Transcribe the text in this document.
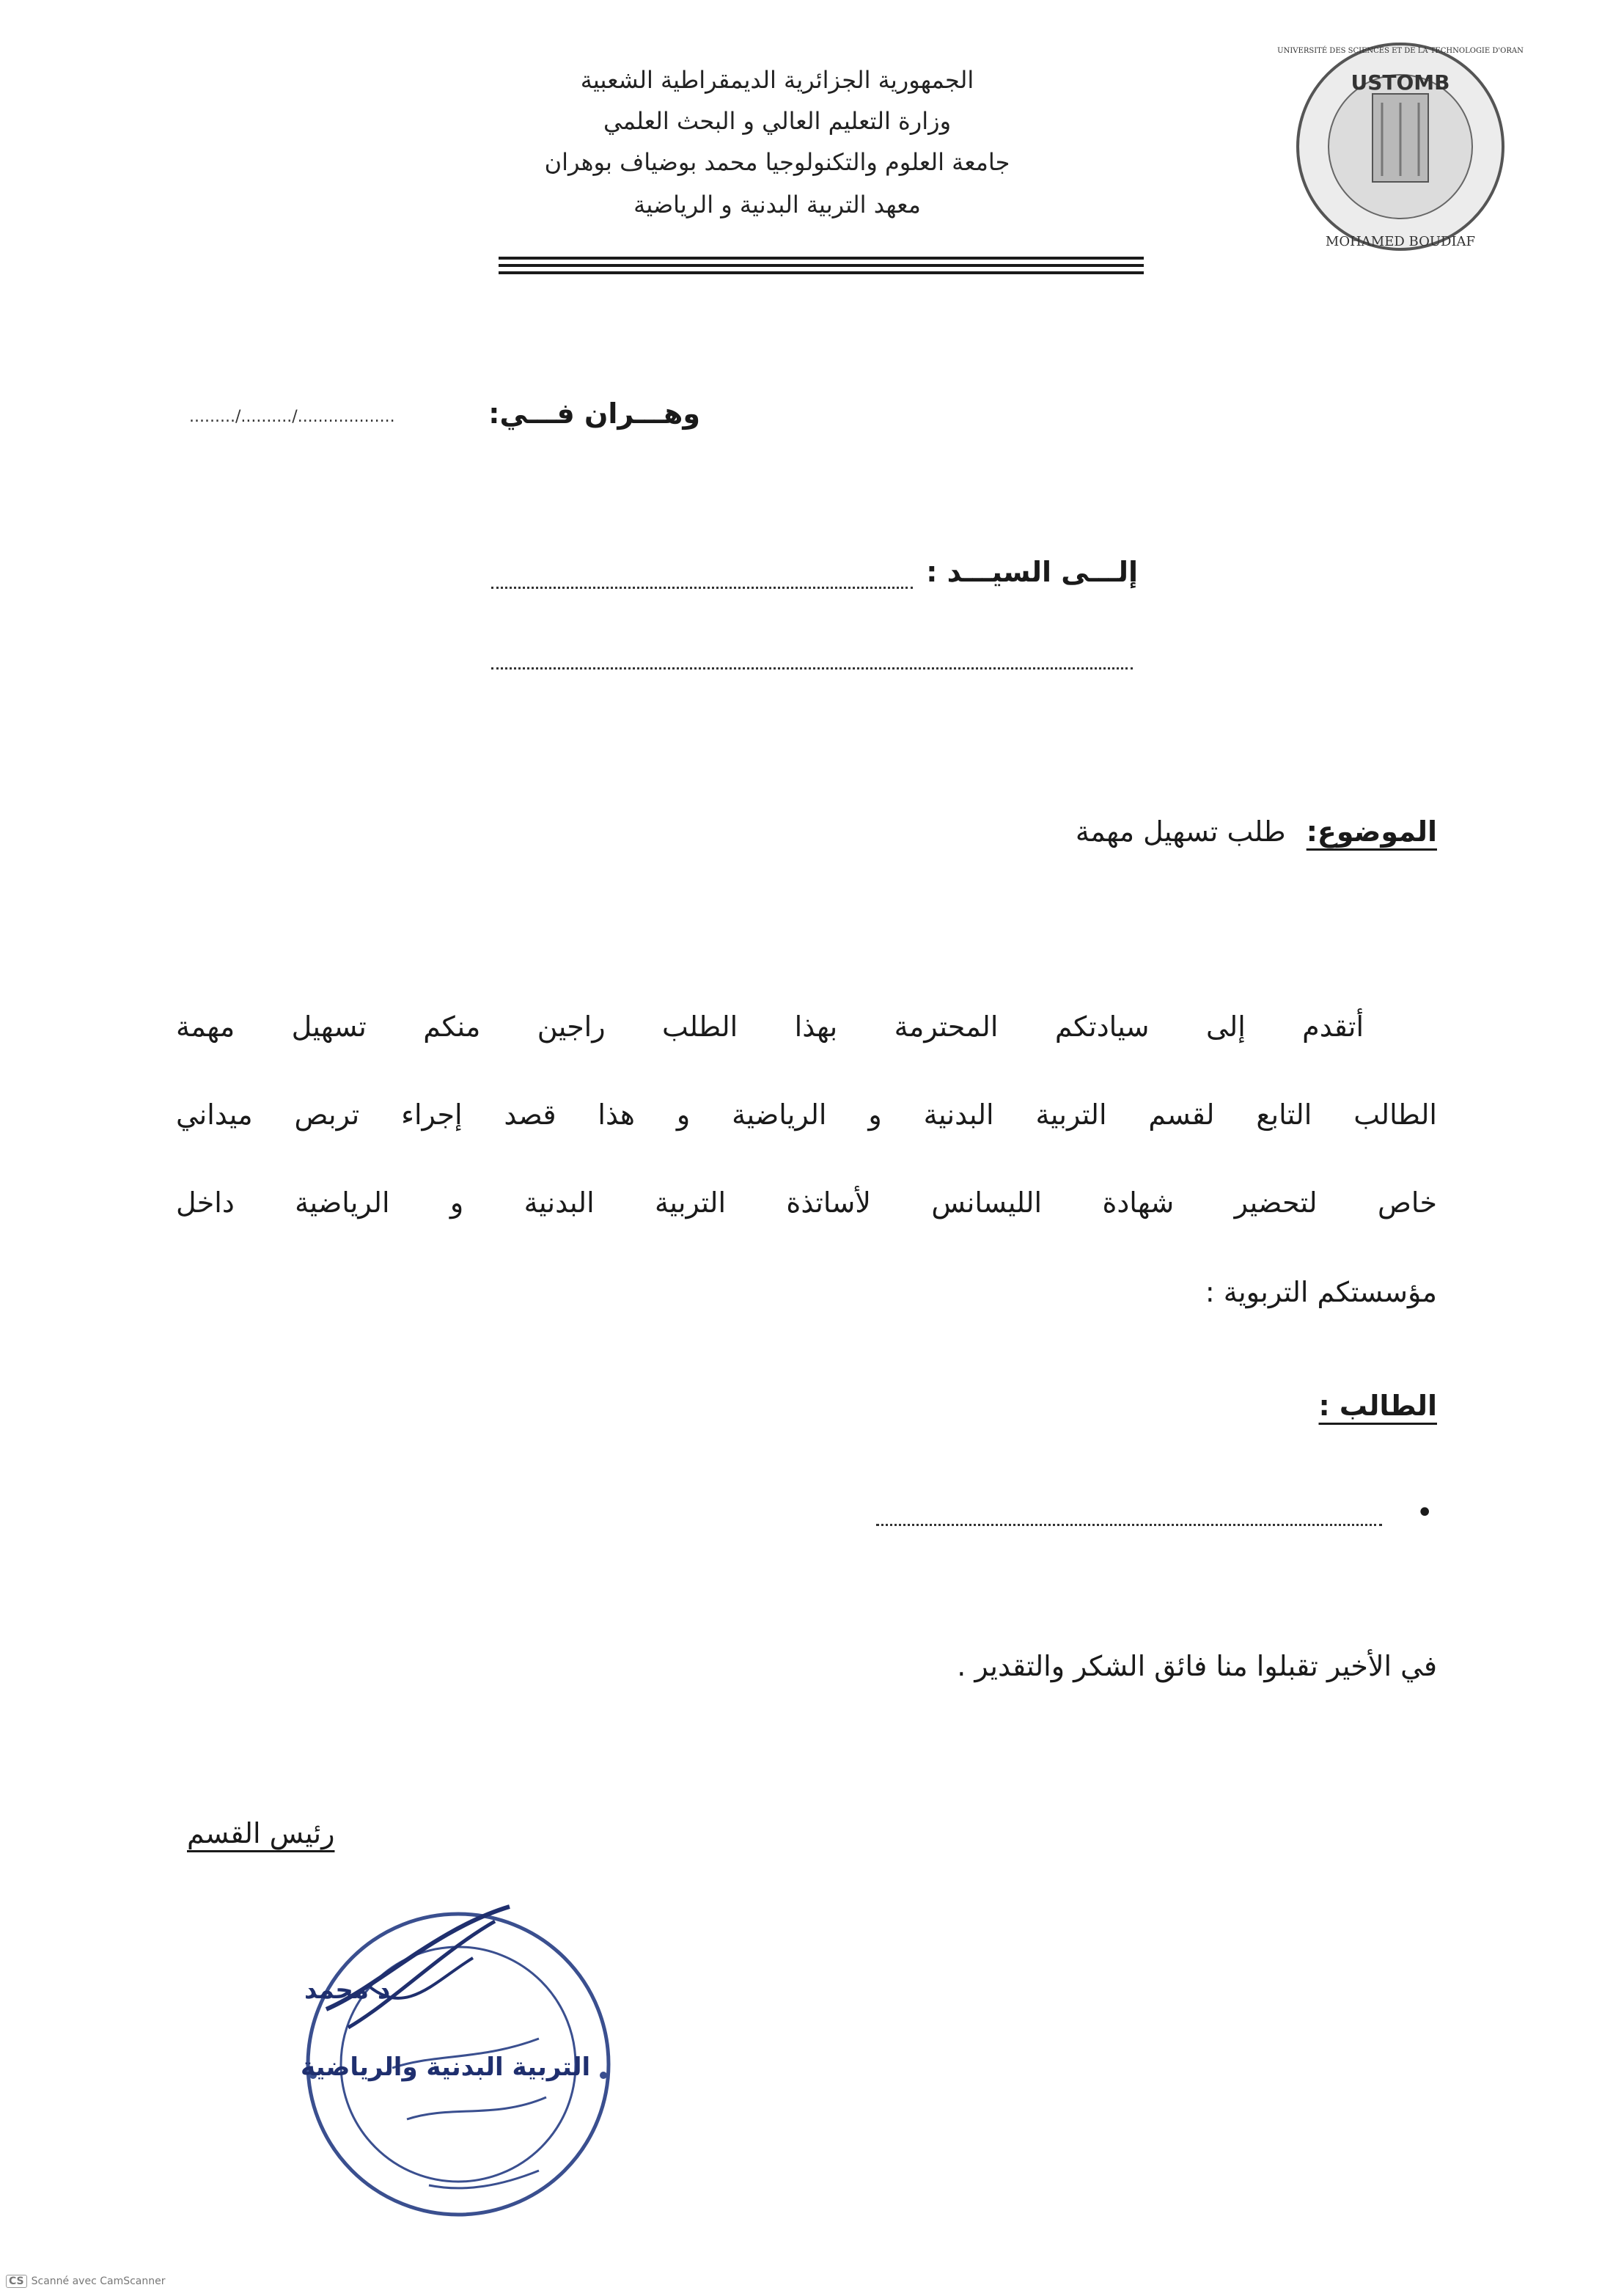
الجمهورية الجزائرية الديمقراطية الشعبية
وزارة التعليم العالي و البحث العلمي
جامعة العلوم والتكنولوجيا محمد بوضياف بوهران
معهد التربية البدنية و الرياضية
USTOMB
MOHAMED BOUDIAF
UNIVERSITÉ DES SCIENCES ET DE LA TECHNOLOGIE D'ORAN
وهـــران فـــي:
........./........../...................
إلـــى السيـــد :
الموضوع: طلب تسهيل مهمة
أتقدم إلى سيادتكم المحترمة بهذا الطلب راجين منكم تسهيل مهمة
الطالب التابع لقسم التربية البدنية و الرياضية و هذا قصد إجراء تربص ميداني
خاص لتحضير شهادة الليسانس لأساتذة التربية البدنية و الرياضية داخل
مؤسستكم التربوية :
الطالب :
•
في الأخير تقبلوا منا فائق الشكر والتقدير .
رئيس القسم
د محمد
التربية البدنية والرياضية
CS Scanné avec CamScanner
